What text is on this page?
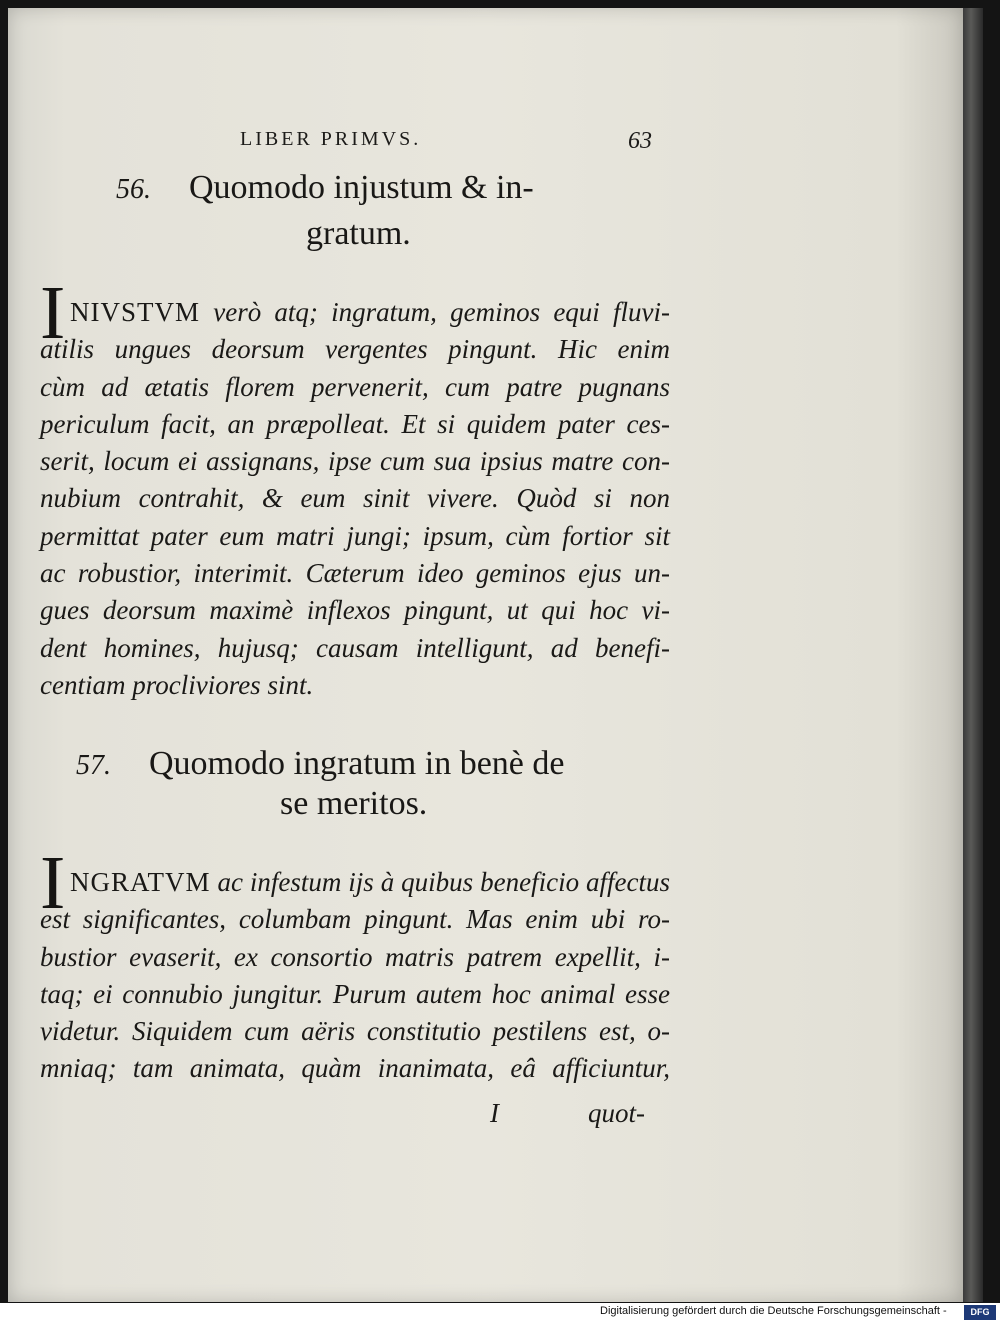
LIBER PRIMVS.	63
56. Quomodo injustum & in-
gratum.
I NIVSTVM verò atq; ingratum, geminos equi fluvi-
atilis ungues deorsum vergentes pingunt. Hic enim
cùm ad ætatis florem pervenerit, cum patre pugnans
periculum facit, an præpolleat. Et si quidem pater ces-
serit, locum ei assignans, ipse cum sua ipsius matre con-
nubium contrahit, & eum sinit vivere. Quòd si non
permittat pater eum matri jungi; ipsum, cùm fortior sit
ac robustior, interimit. Cæterum ideo geminos ejus un-
gues deorsum maximè inflexos pingunt, ut qui hoc vi-
dent homines, hujusq; causam intelligunt, ad benefi-
centiam procliviores sint.
57. Quomodo ingratum in benè de
se meritos.
I NGRATVM ac infestum ijs à quibus beneficio affectus
est significantes, columbam pingunt. Mas enim ubi ro-
bustior evaserit, ex consortio matris patrem expellit, i-
taq; ei connubio jungitur. Purum autem hoc animal esse
videtur. Siquidem cum aëris constitutio pestilens est, o-
mniaq; tam animata, quàm inanimata, eâ afficiuntur,
I	quot-
Digitalisierung gefördert durch die Deutsche Forschungsgemeinschaft -	DFG
